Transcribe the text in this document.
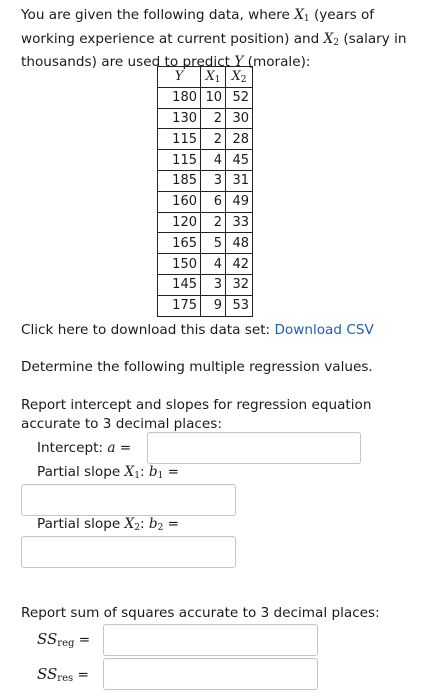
You are given the following data, where $X_1$ (years of working experience at current position) and $X_2$ (salary in thousands) are used to predict Y (morale):
Y	$X_1$	$X_2$
180	10	52
130	2	30
115	2	28
115	4	45
185	3	31
160	6	49
120	2	33
165	5	48
150	4	42
145	3	32
175	9	53
Click here to download this data set: Download CSV
Determine the following multiple regression values.
Report intercept and slopes for regression equation accurate to 3 decimal places:
Intercept: a =
Partial slope $X_1$: $b_1$ =
Partial slope $X_2$: $b_2$ =
Report sum of squares accurate to 3 decimal places:
$SS_{reg}$ =
$SS_{res}$ =
